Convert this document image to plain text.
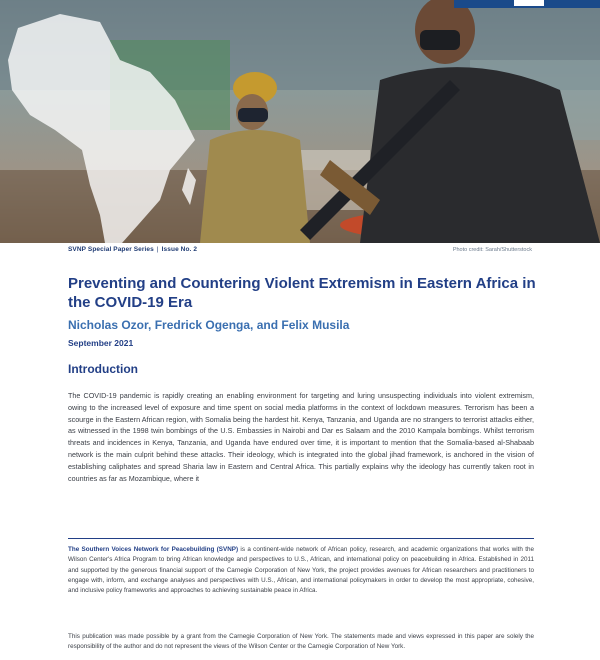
SVNP Special Paper Series | Issue No. 2	Photo credit: Sarah/Shutterstock
Preventing and Countering Violent Extremism in Eastern Africa in the COVID-19 Era
Nicholas Ozor, Fredrick Ogenga, and Felix Musila
September 2021
Introduction

The COVID-19 pandemic is rapidly creating an enabling environment for targeting and luring unsuspecting individuals into violent extremism, owing to the increased level of exposure and time spent on social media platforms in the context of lockdown measures. Terrorism has been a scourge in the Eastern African region, with Somalia being the hardest hit. Kenya, Tanzania, and Uganda are no strangers to terrorist attacks either, as witnessed in the 1998 twin bombings of the U.S. Embassies in Nairobi and Dar es Salaam and the 2010 Kampala bombings. Whilst terrorism threats and incidences in Kenya, Tanzania, and Uganda have endured over time, it is important to mention that the Somalia-based al-Shabaab network is the main culprit behind these attacks. Their ideology, which is integrated into the global jihad framework, is anchored in the vision of establishing caliphates and spread Sharia law in Eastern and Central Africa. This partially explains why the ideology has currently taken root in countries as far as Mozambique, where it

The Southern Voices Network for Peacebuilding (SVNP) is a continent-wide network of African policy, research, and academic organizations that works with the Wilson Center's Africa Program to bring African knowledge and perspectives to U.S., African, and international policy on peacebuilding in Africa. Established in 2011 and supported by the generous financial support of the Carnegie Corporation of New York, the project provides avenues for African researchers and practitioners to engage with, inform, and exchange analyses and perspectives with U.S., African, and international policymakers in order to develop the most appropriate, cohesive, and inclusive policy frameworks and approaches to achieving sustainable peace in Africa.

This publication was made possible by a grant from the Carnegie Corporation of New York. The statements made and views expressed in this paper are solely the responsibility of the author and do not represent the views of the Wilson Center or the Carnegie Corporation of New York.
